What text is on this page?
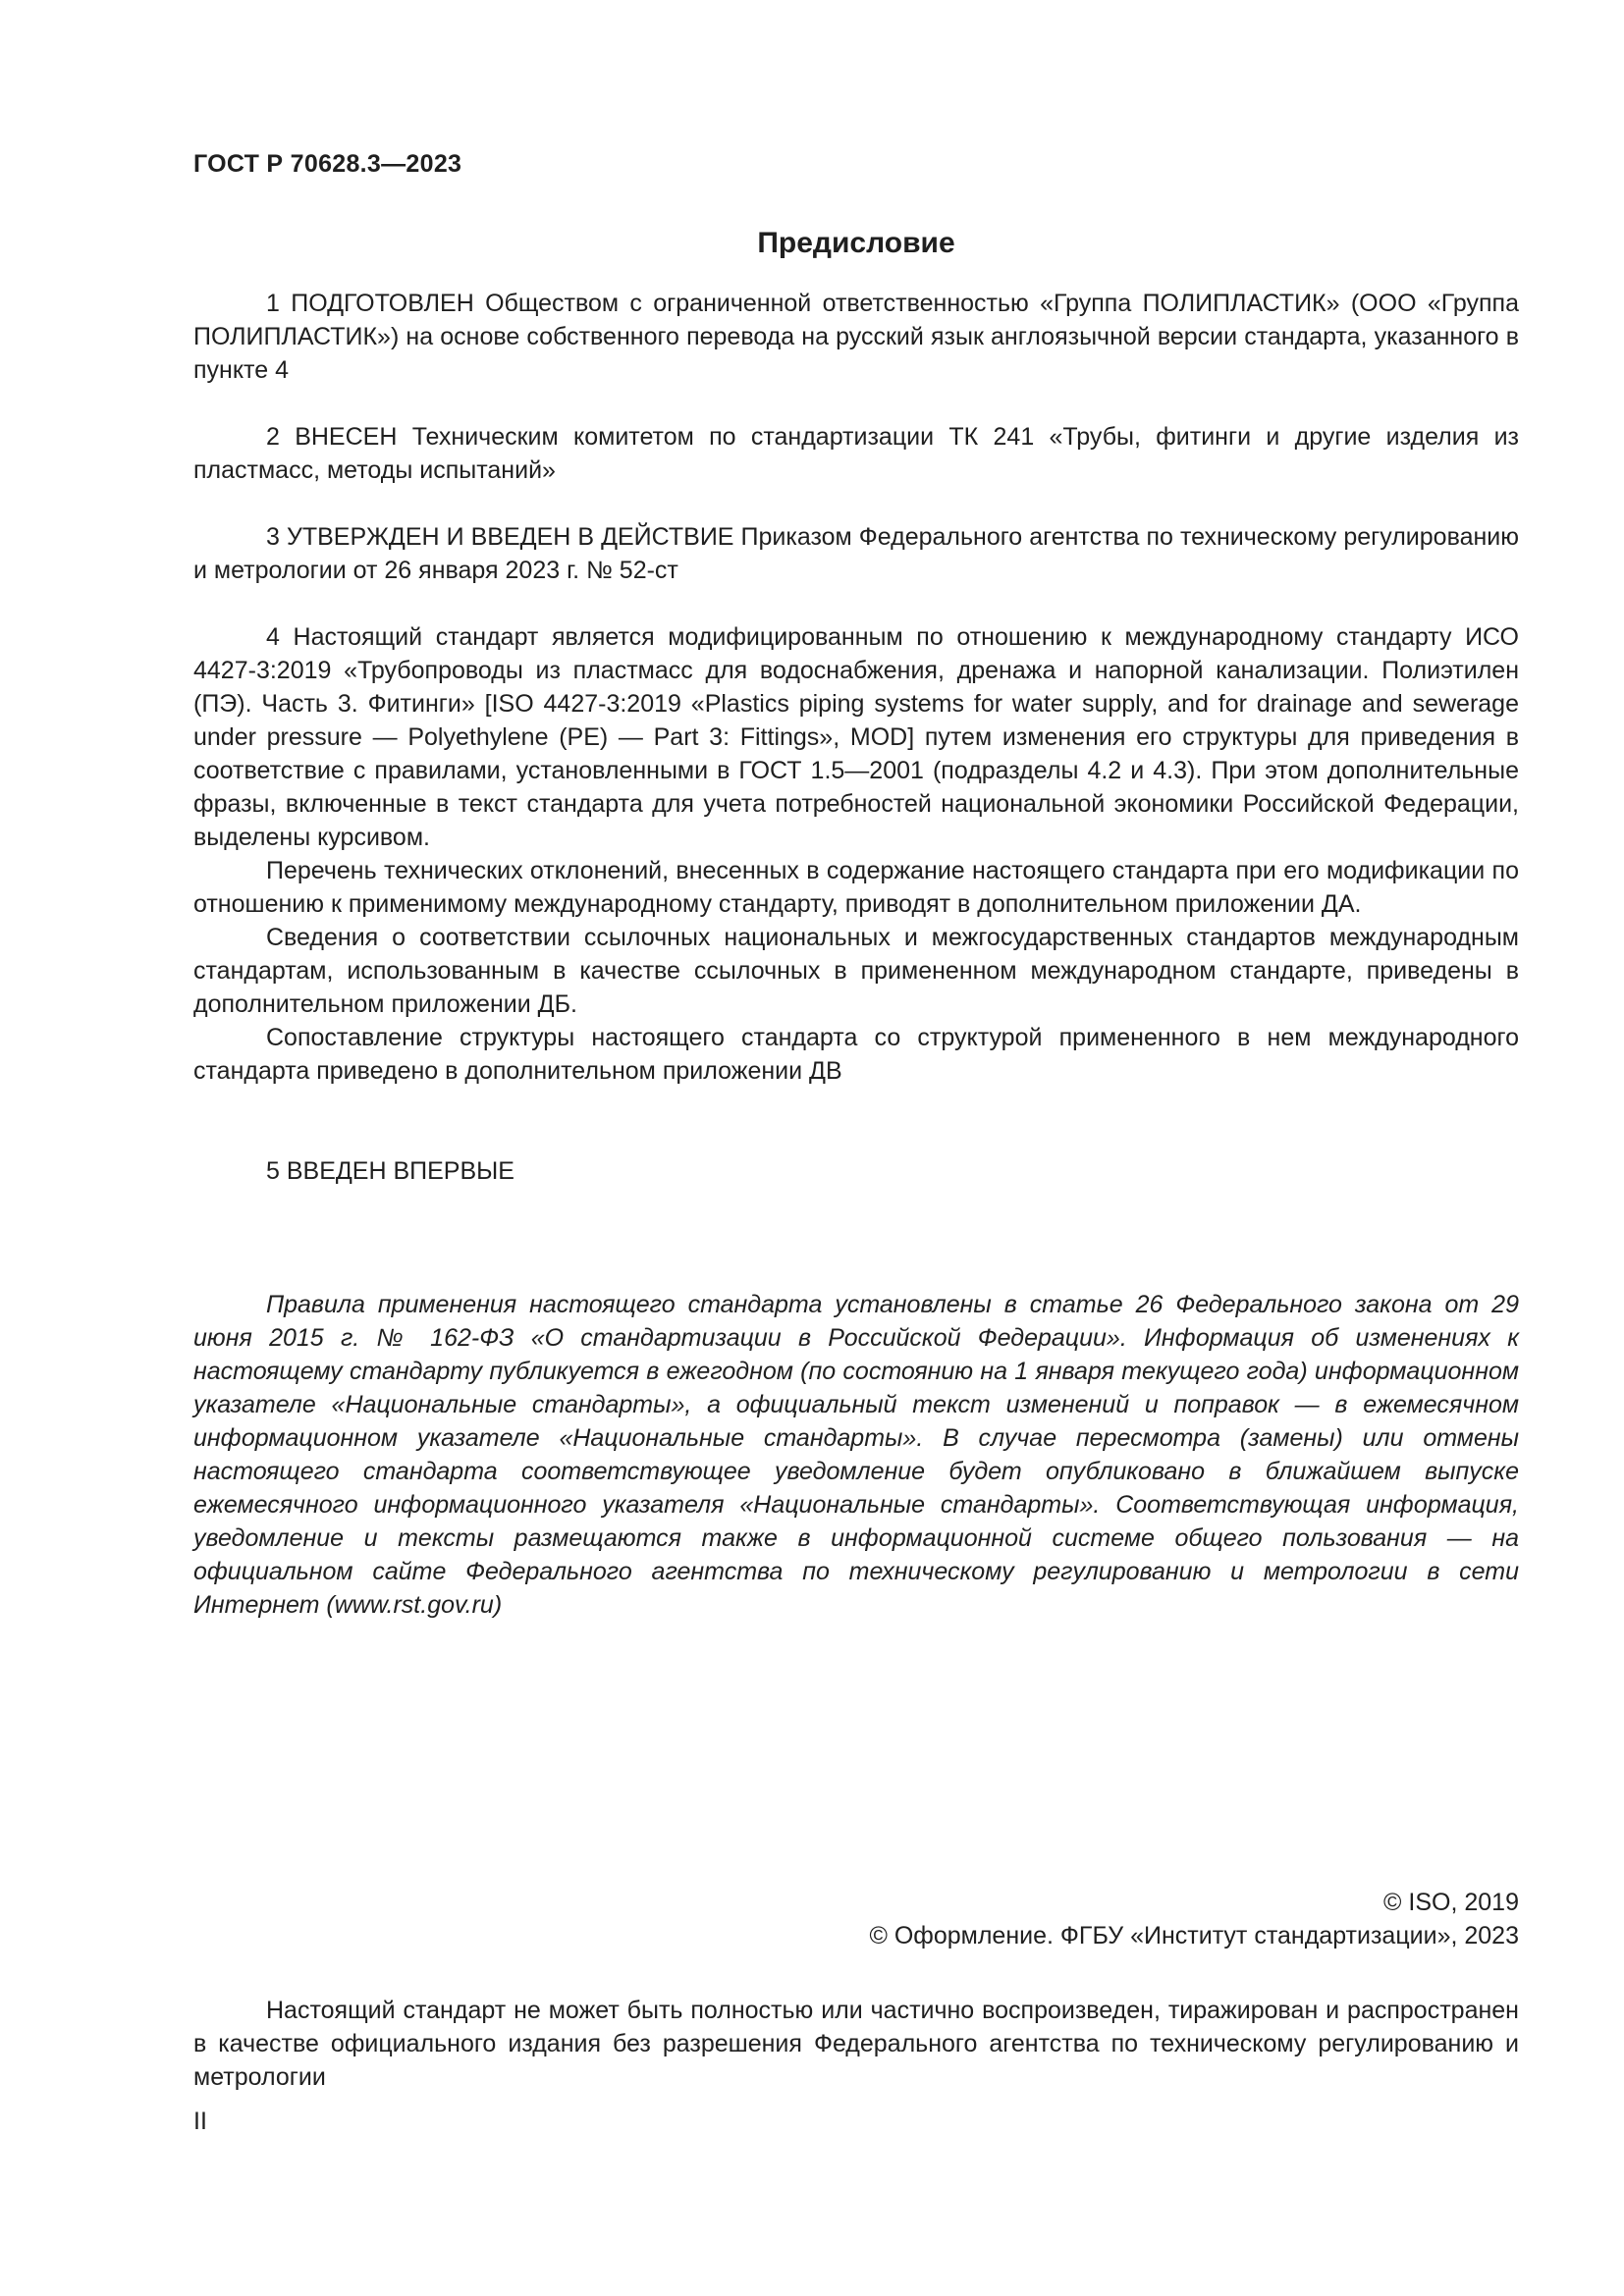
ГОСТ Р 70628.3—2023
Предисловие

1 ПОДГОТОВЛЕН Обществом с ограниченной ответственностью «Группа ПОЛИПЛАСТИК» (ООО «Группа ПОЛИПЛАСТИК») на основе собственного перевода на русский язык англоязычной версии стандарта, указанного в пункте 4

2 ВНЕСЕН Техническим комитетом по стандартизации ТК 241 «Трубы, фитинги и другие изделия из пластмасс, методы испытаний»

3 УТВЕРЖДЕН И ВВЕДЕН В ДЕЙСТВИЕ Приказом Федерального агентства по техническому регулированию и метрологии от 26 января 2023 г. № 52-ст

4 Настоящий стандарт является модифицированным по отношению к международному стандарту ИСО 4427-3:2019 «Трубопроводы из пластмасс для водоснабжения, дренажа и напорной канализации. Полиэтилен (ПЭ). Часть 3. Фитинги» [ISO 4427-3:2019 «Plastics piping systems for water supply, and for drainage and sewerage under pressure — Polyethylene (PE) — Part 3: Fittings», MOD] путем изменения его структуры для приведения в соответствие с правилами, установленными в ГОСТ 1.5—2001 (подразделы 4.2 и 4.3). При этом дополнительные фразы, включенные в текст стандарта для учета потребностей национальной экономики Российской Федерации, выделены курсивом.

Перечень технических отклонений, внесенных в содержание настоящего стандарта при его модификации по отношению к применимому международному стандарту, приводят в дополнительном приложении ДА.

Сведения о соответствии ссылочных национальных и межгосударственных стандартов международным стандартам, использованным в качестве ссылочных в примененном международном стандарте, приведены в дополнительном приложении ДБ.

Сопоставление структуры настоящего стандарта со структурой примененного в нем международного стандарта приведено в дополнительном приложении ДВ

5 ВВЕДЕН ВПЕРВЫЕ

Правила применения настоящего стандарта установлены в статье 26 Федерального закона от 29 июня 2015 г. № 162-ФЗ «О стандартизации в Российской Федерации». Информация об изменениях к настоящему стандарту публикуется в ежегодном (по состоянию на 1 января текущего года) информационном указателе «Национальные стандарты», а официальный текст изменений и поправок — в ежемесячном информационном указателе «Национальные стандарты». В случае пересмотра (замены) или отмены настоящего стандарта соответствующее уведомление будет опубликовано в ближайшем выпуске ежемесячного информационного указателя «Национальные стандарты». Соответствующая информация, уведомление и тексты размещаются также в информационной системе общего пользования — на официальном сайте Федерального агентства по техническому регулированию и метрологии в сети Интернет (www.rst.gov.ru)

© ISO, 2019
© Оформление. ФГБУ «Институт стандартизации», 2023

Настоящий стандарт не может быть полностью или частично воспроизведен, тиражирован и распространен в качестве официального издания без разрешения Федерального агентства по техническому регулированию и метрологии

II
